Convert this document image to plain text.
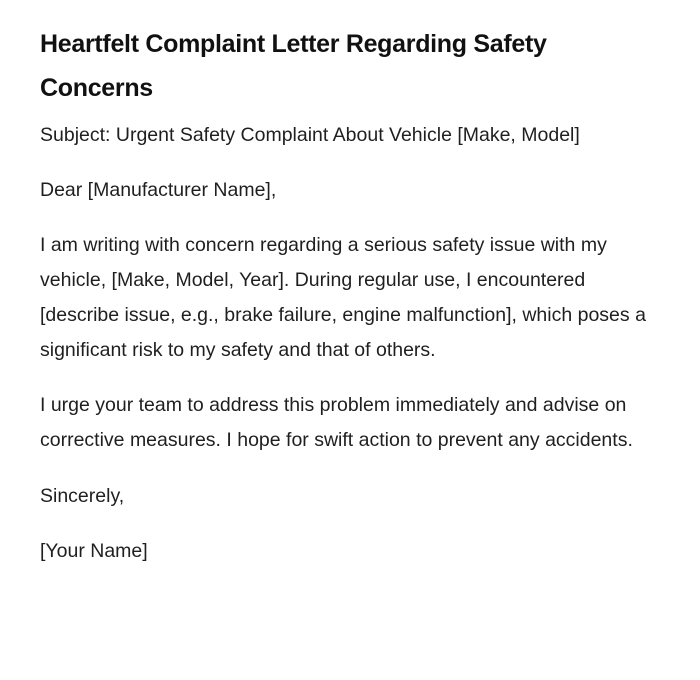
Heartfelt Complaint Letter Regarding Safety Concerns

Subject: Urgent Safety Complaint About Vehicle [Make, Model]

Dear [Manufacturer Name],

I am writing with concern regarding a serious safety issue with my vehicle, [Make, Model, Year]. During regular use, I encountered [describe issue, e.g., brake failure, engine malfunction], which poses a significant risk to my safety and that of others.

I urge your team to address this problem immediately and advise on corrective measures. I hope for swift action to prevent any accidents.

Sincerely,

[Your Name]
